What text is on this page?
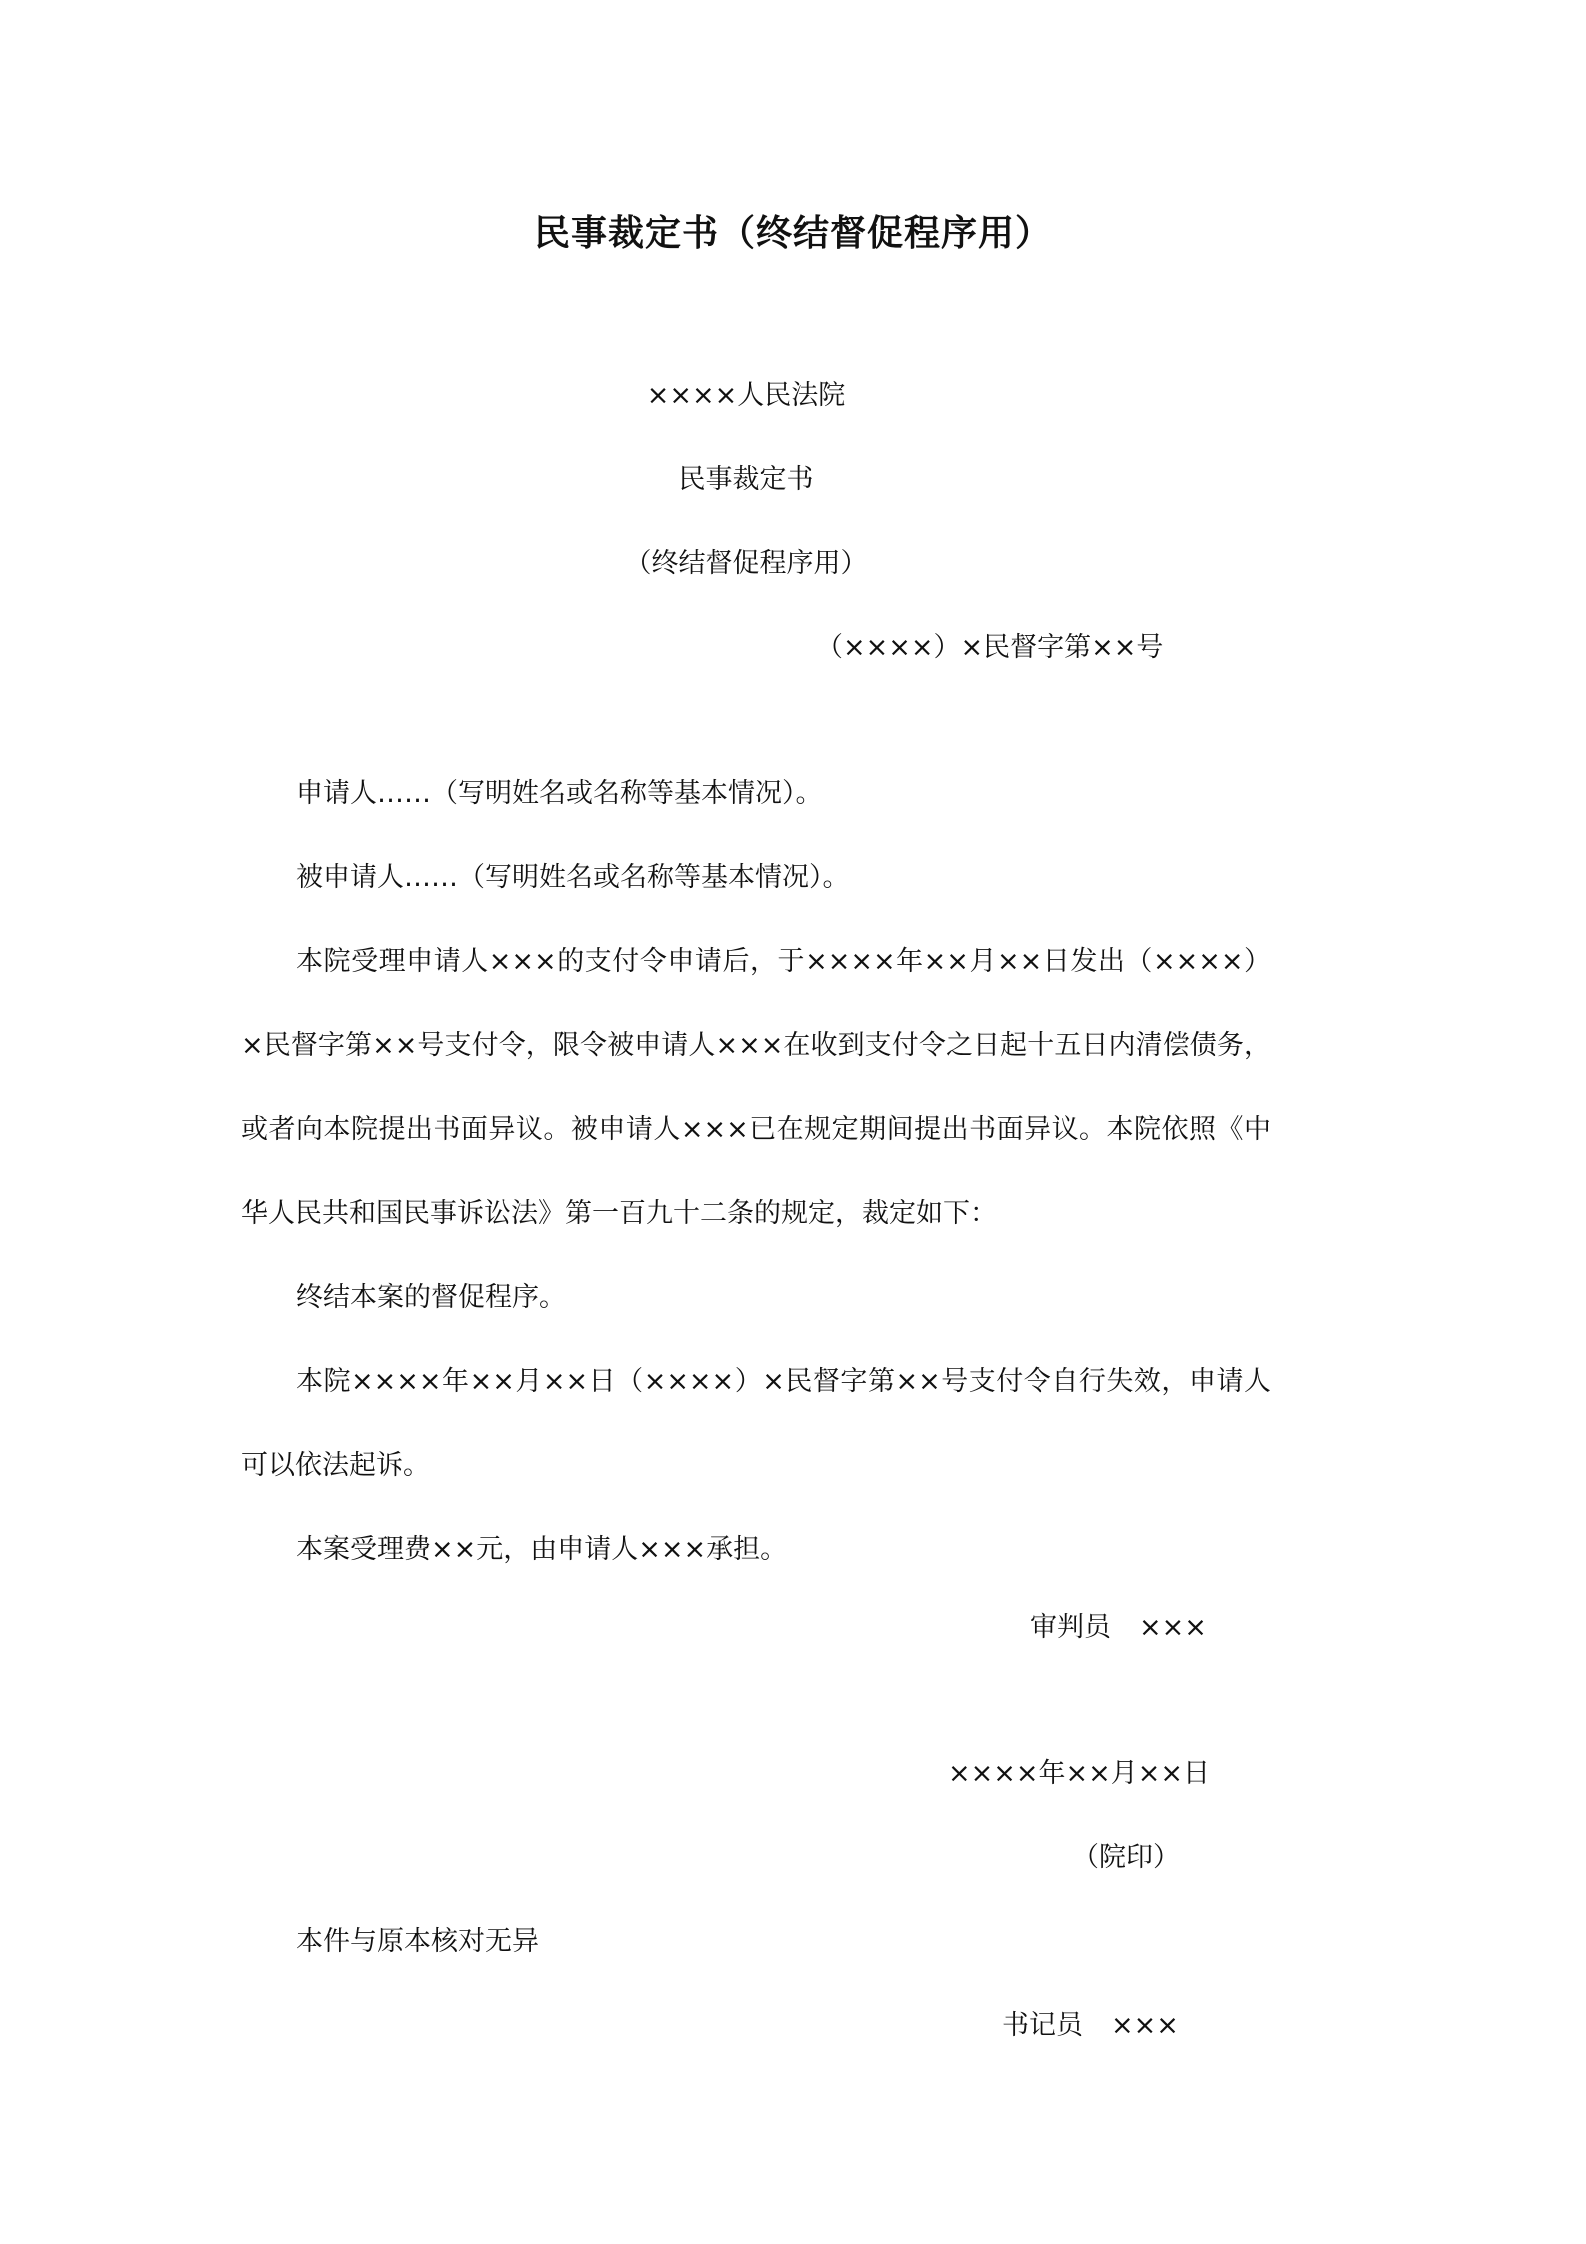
民事裁定书（终结督促程序用）
××××人民法院
民事裁定书
（终结督促程序用）
（××××）×民督字第××号

申请人……（写明姓名或名称等基本情况）。

被申请人……（写明姓名或名称等基本情况）。

本院受理申请人×××的支付令申请后，于××××年××月××日发出（××××）×民督字第××号支付令，限令被申请人×××在收到支付令之日起十五日内清偿债务，或者向本院提出书面异议。被申请人×××已在规定期间提出书面异议。本院依照《中华人民共和国民事诉讼法》第一百九十二条的规定，裁定如下：

终结本案的督促程序。

本院××××年××月××日（××××）×民督字第××号支付令自行失效，申请人可以依法起诉。

本案受理费××元，由申请人×××承担。

审判员 ×××
××××年××月××日
（院印）
本件与原本核对无异
书记员 ×××
